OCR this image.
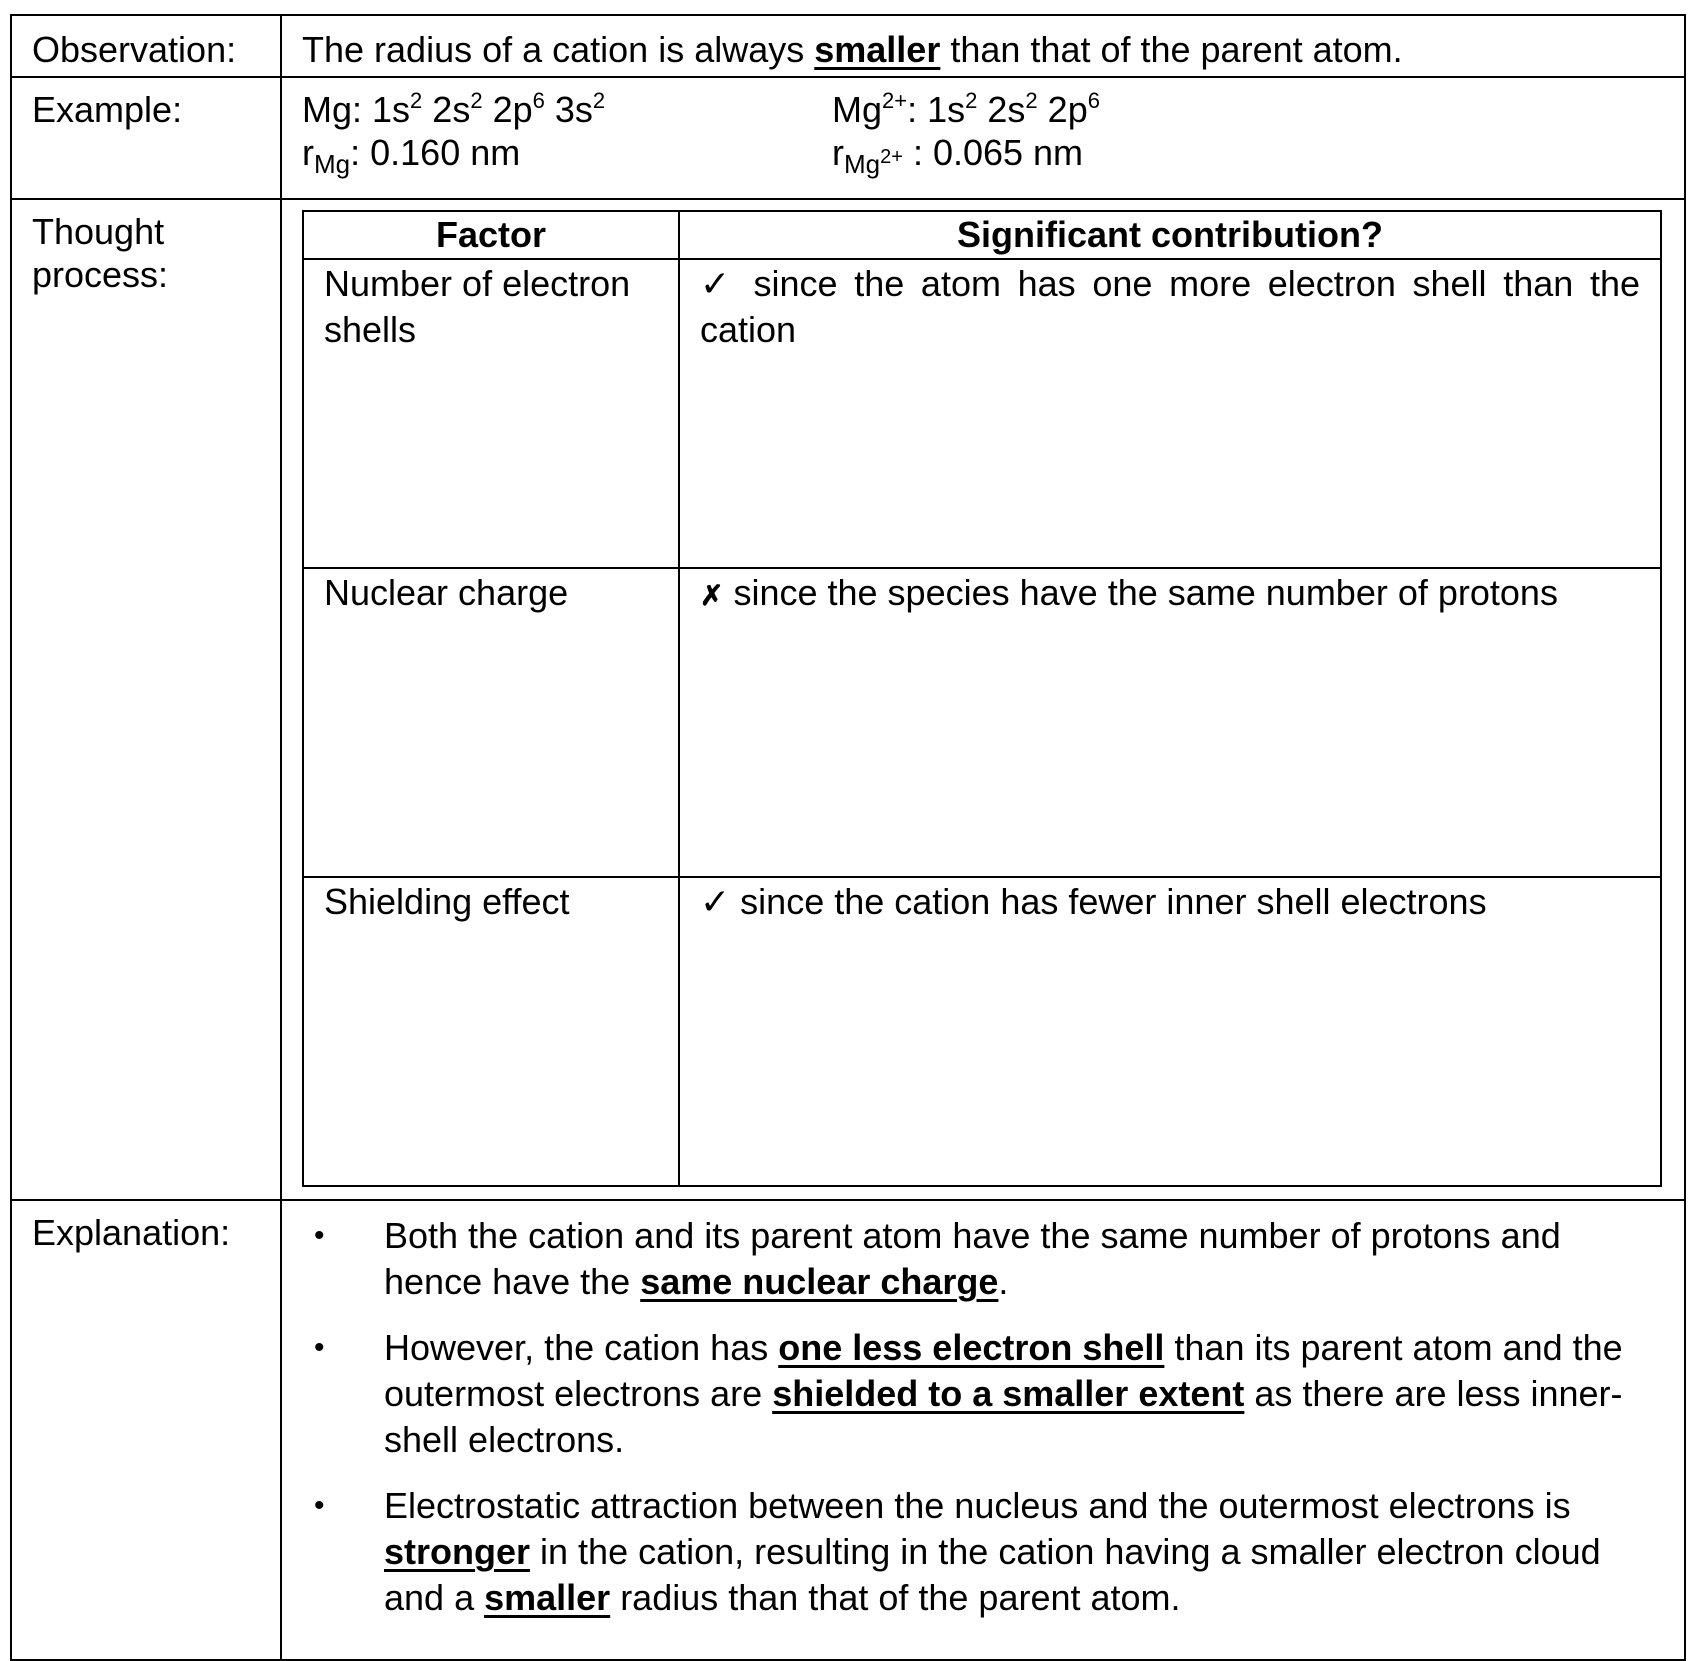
Observation:	The radius of a cation is always smaller than that of the parent atom.
Example:	Mg: $1s^2$ $2s^2$ $2p^6$ $3s^2$	$Mg^{2+}$: $1s^2$ $2s^2$ $2p^6$
$r_{Mg}$: 0.160 nm	$r_{Mg^{2+}}$ : 0.065 nm

Thought process:	
Factor	Significant contribution?
Number of electron shells	✓ since the atom has one more electron shell than the cation
Nuclear charge	✗ since the species have the same number of protons
Shielding effect	✓ since the cation has fewer inner shell electrons

Explanation:	• Both the cation and its parent atom have the same number of protons and hence have the same nuclear charge.
• However, the cation has one less electron shell than its parent atom and the outermost electrons are shielded to a smaller extent as there are less inner-shell electrons.
• Electrostatic attraction between the nucleus and the outermost electrons is stronger in the cation, resulting in the cation having a smaller electron cloud and a smaller radius than that of the parent atom.
